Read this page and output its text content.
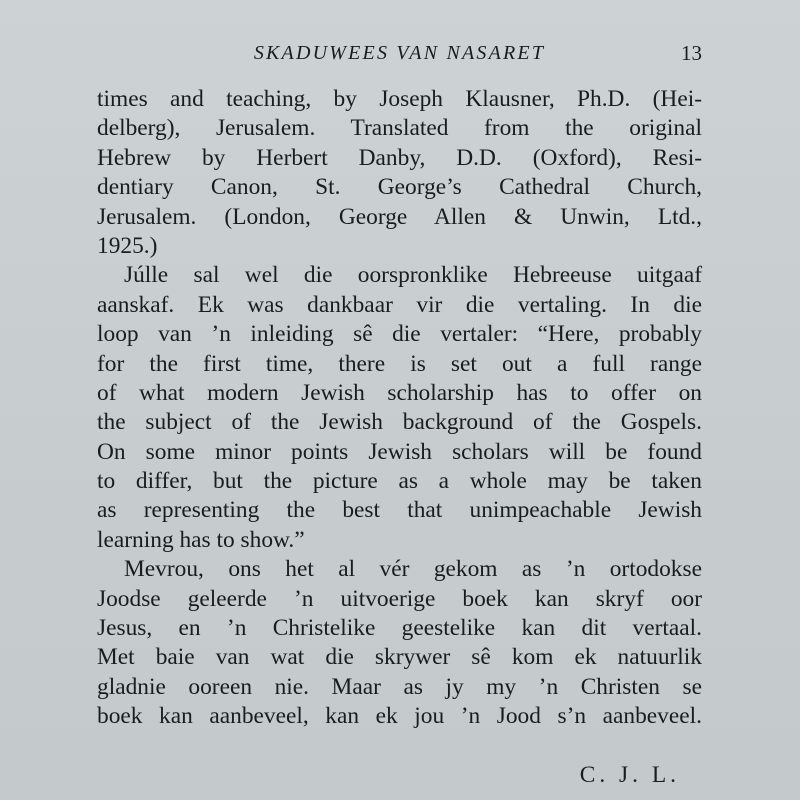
SKADUWEES VAN NASARET	13
times and teaching, by Joseph Klausner, Ph.D. (Hei-
delberg), Jerusalem. Translated from the original
Hebrew by Herbert Danby, D.D. (Oxford), Resi-
dentiary Canon, St. George’s Cathedral Church,
Jerusalem. (London, George Allen & Unwin, Ltd.,
1925.)
Júlle sal wel die oorspronklike Hebreeuse uitgaaf
aanskaf. Ek was dankbaar vir die vertaling. In die
loop van ’n inleiding sê die vertaler: “Here, probably
for the first time, there is set out a full range
of what modern Jewish scholarship has to offer on
the subject of the Jewish background of the Gospels.
On some minor points Jewish scholars will be found
to differ, but the picture as a whole may be taken
as representing the best that unimpeachable Jewish
learning has to show.”
Mevrou, ons het al vér gekom as ’n ortodokse
Joodse geleerde ’n uitvoerige boek kan skryf oor
Jesus, en ’n Christelike geestelike kan dit vertaal.
Met baie van wat die skrywer sê kom ek natuurlik
gladnie ooreen nie. Maar as jy my ’n Christen se
boek kan aanbeveel, kan ek jou ’n Jood s’n aanbeveel.
C. J. L.
